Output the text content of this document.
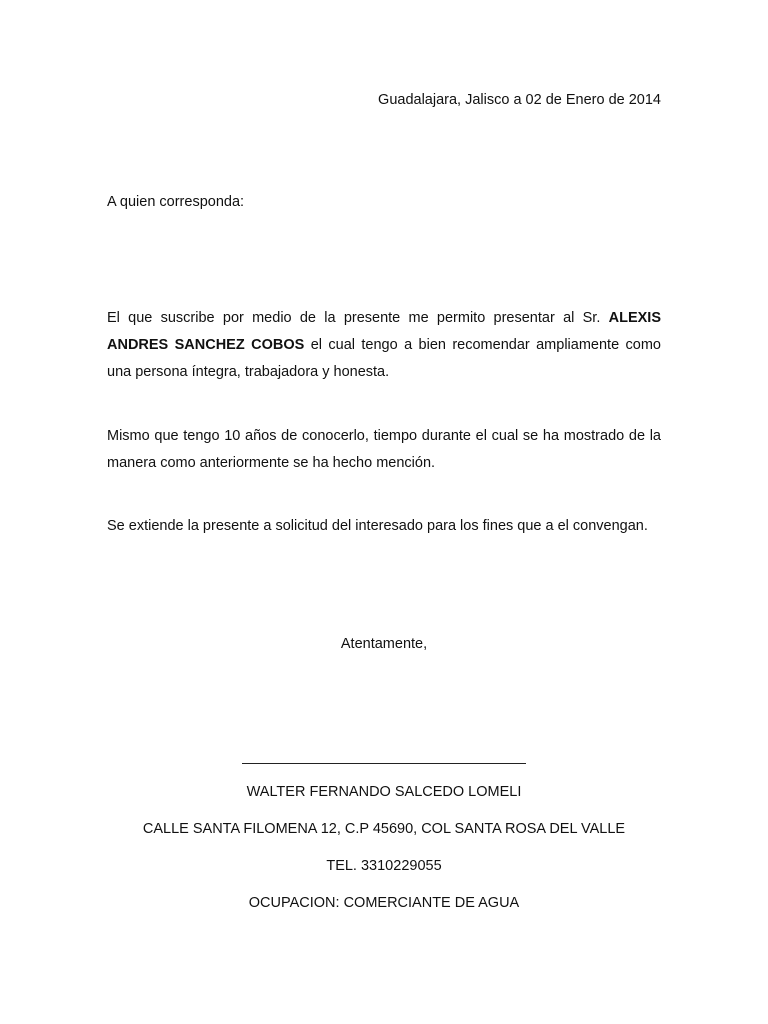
Guadalajara, Jalisco a 02 de Enero de 2014
A quien corresponda:

El que suscribe por medio de la presente me permito presentar al Sr. ALEXIS ANDRES SANCHEZ COBOS el cual tengo a bien recomendar ampliamente como una persona íntegra, trabajadora y honesta.

Mismo que tengo 10 años de conocerlo, tiempo durante el cual se ha mostrado de la manera como anteriormente se ha hecho mención.

Se extiende la presente a solicitud del interesado para los fines que a el convengan.

Atentamente,
WALTER FERNANDO SALCEDO LOMELI
CALLE SANTA FILOMENA 12, C.P 45690, COL SANTA ROSA DEL VALLE
TEL. 3310229055
OCUPACION: COMERCIANTE DE AGUA
